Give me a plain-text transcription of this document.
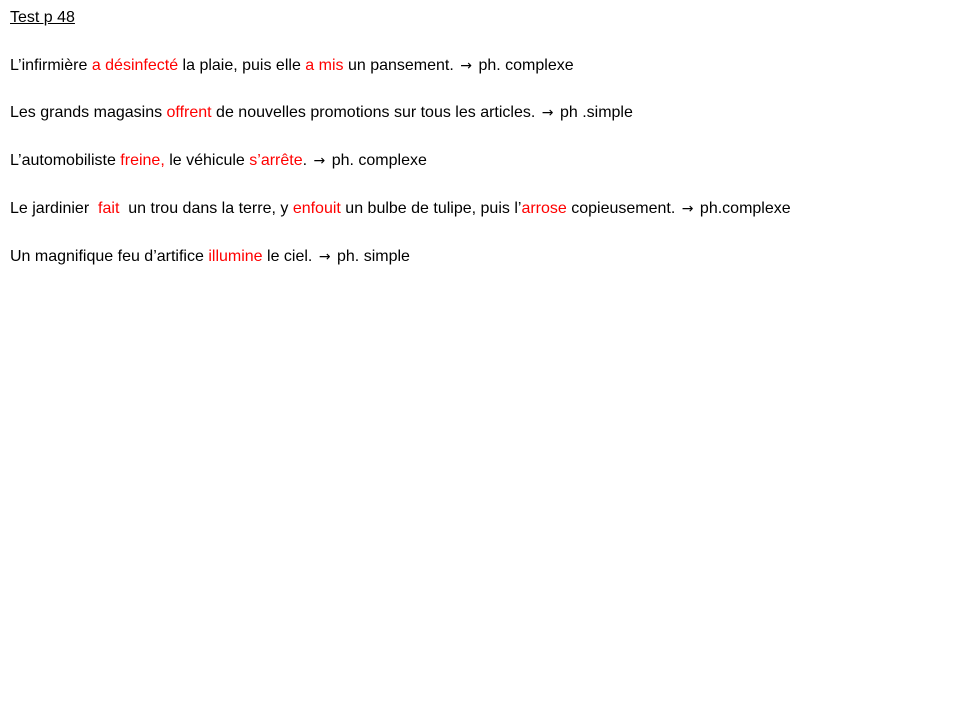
Test p 48
L’infirmière a désinfecté la plaie, puis elle a mis un pansement. → ph. complexe
Les grands magasins offrent de nouvelles promotions sur tous les articles. → ph .simple
L’automobiliste freine, le véhicule s’arrête. → ph. complexe
Le jardinier  fait  un trou dans la terre, y enfouit un bulbe de tulipe, puis l’arrose copieusement. → ph.complexe
Un magnifique feu d’artifice illumine le ciel. → ph. simple
